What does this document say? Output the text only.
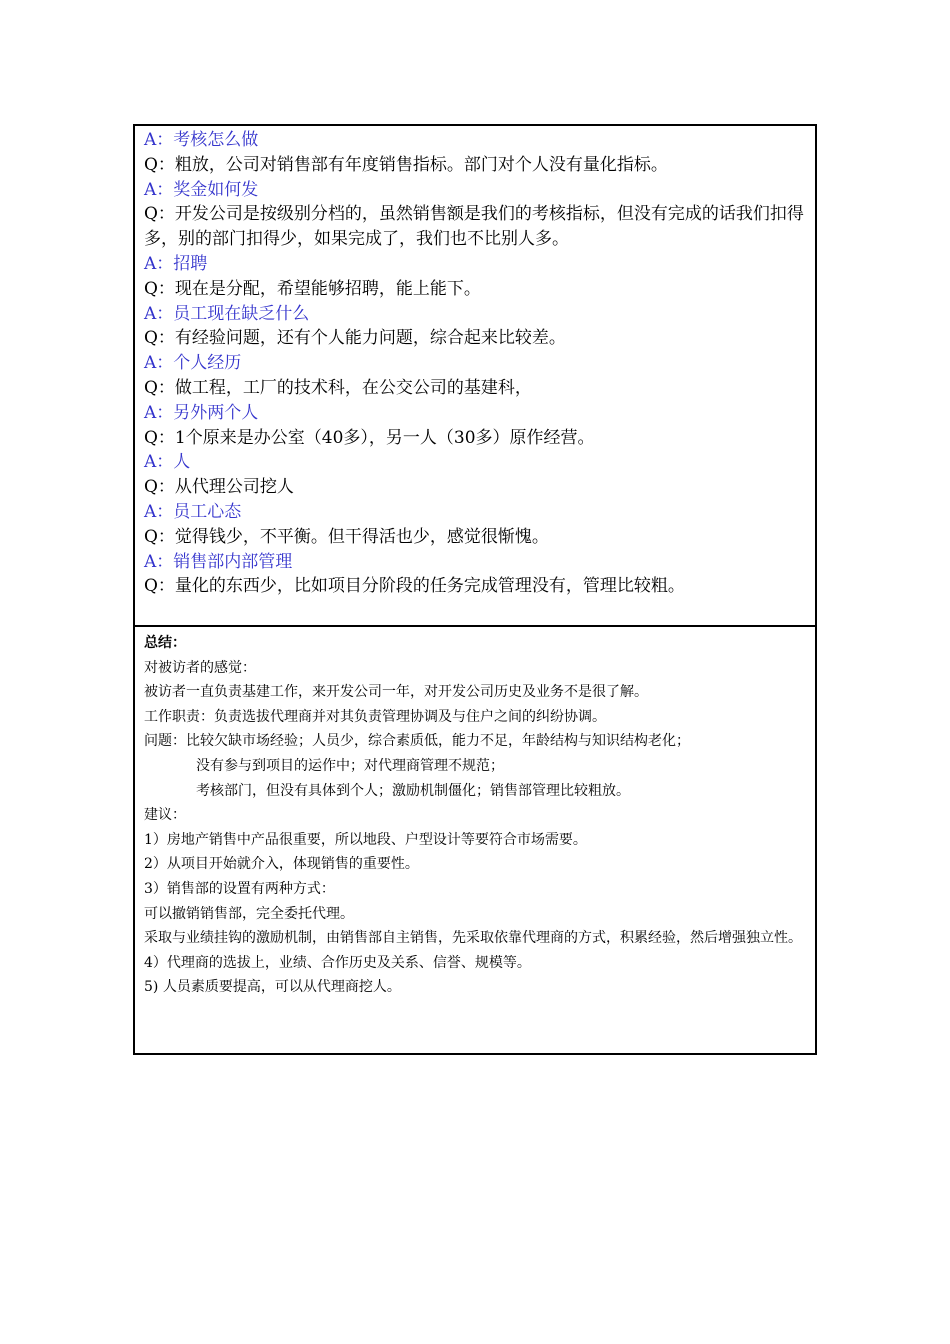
A：考核怎么做
Q：粗放，公司对销售部有年度销售指标。部门对个人没有量化指标。
A：奖金如何发
Q：开发公司是按级别分档的，虽然销售额是我们的考核指标，但没有完成的话我们扣得多，别的部门扣得少，如果完成了，我们也不比别人多。
A：招聘
Q：现在是分配，希望能够招聘，能上能下。
A：员工现在缺乏什么
Q：有经验问题，还有个人能力问题，综合起来比较差。
A：个人经历
Q：做工程，工厂的技术科，在公交公司的基建科，
A：另外两个人
Q：1个原来是办公室（40多），另一人（30多）原作经营。
A：人
Q：从代理公司挖人
A：员工心态
Q：觉得钱少，不平衡。但干得活也少，感觉很惭愧。
A：销售部内部管理
Q：量化的东西少，比如项目分阶段的任务完成管理没有，管理比较粗。
总结：
对被访者的感觉：
被访者一直负责基建工作，来开发公司一年，对开发公司历史及业务不是很了解。
工作职责：负责选拔代理商并对其负责管理协调及与住户之间的纠纷协调。
问题：比较欠缺市场经验；人员少，综合素质低，能力不足，年龄结构与知识结构老化；
没有参与到项目的运作中；对代理商管理不规范；
考核部门，但没有具体到个人；激励机制僵化；销售部管理比较粗放。
建议：
1）房地产销售中产品很重要，所以地段、户型设计等要符合市场需要。
2）从项目开始就介入，体现销售的重要性。
3）销售部的设置有两种方式：
可以撤销销售部，完全委托代理。
采取与业绩挂钩的激励机制，由销售部自主销售，先采取依靠代理商的方式，积累经验，然后增强独立性。
4）代理商的选拔上，业绩、合作历史及关系、信誉、规模等。
5) 人员素质要提高，可以从代理商挖人。
